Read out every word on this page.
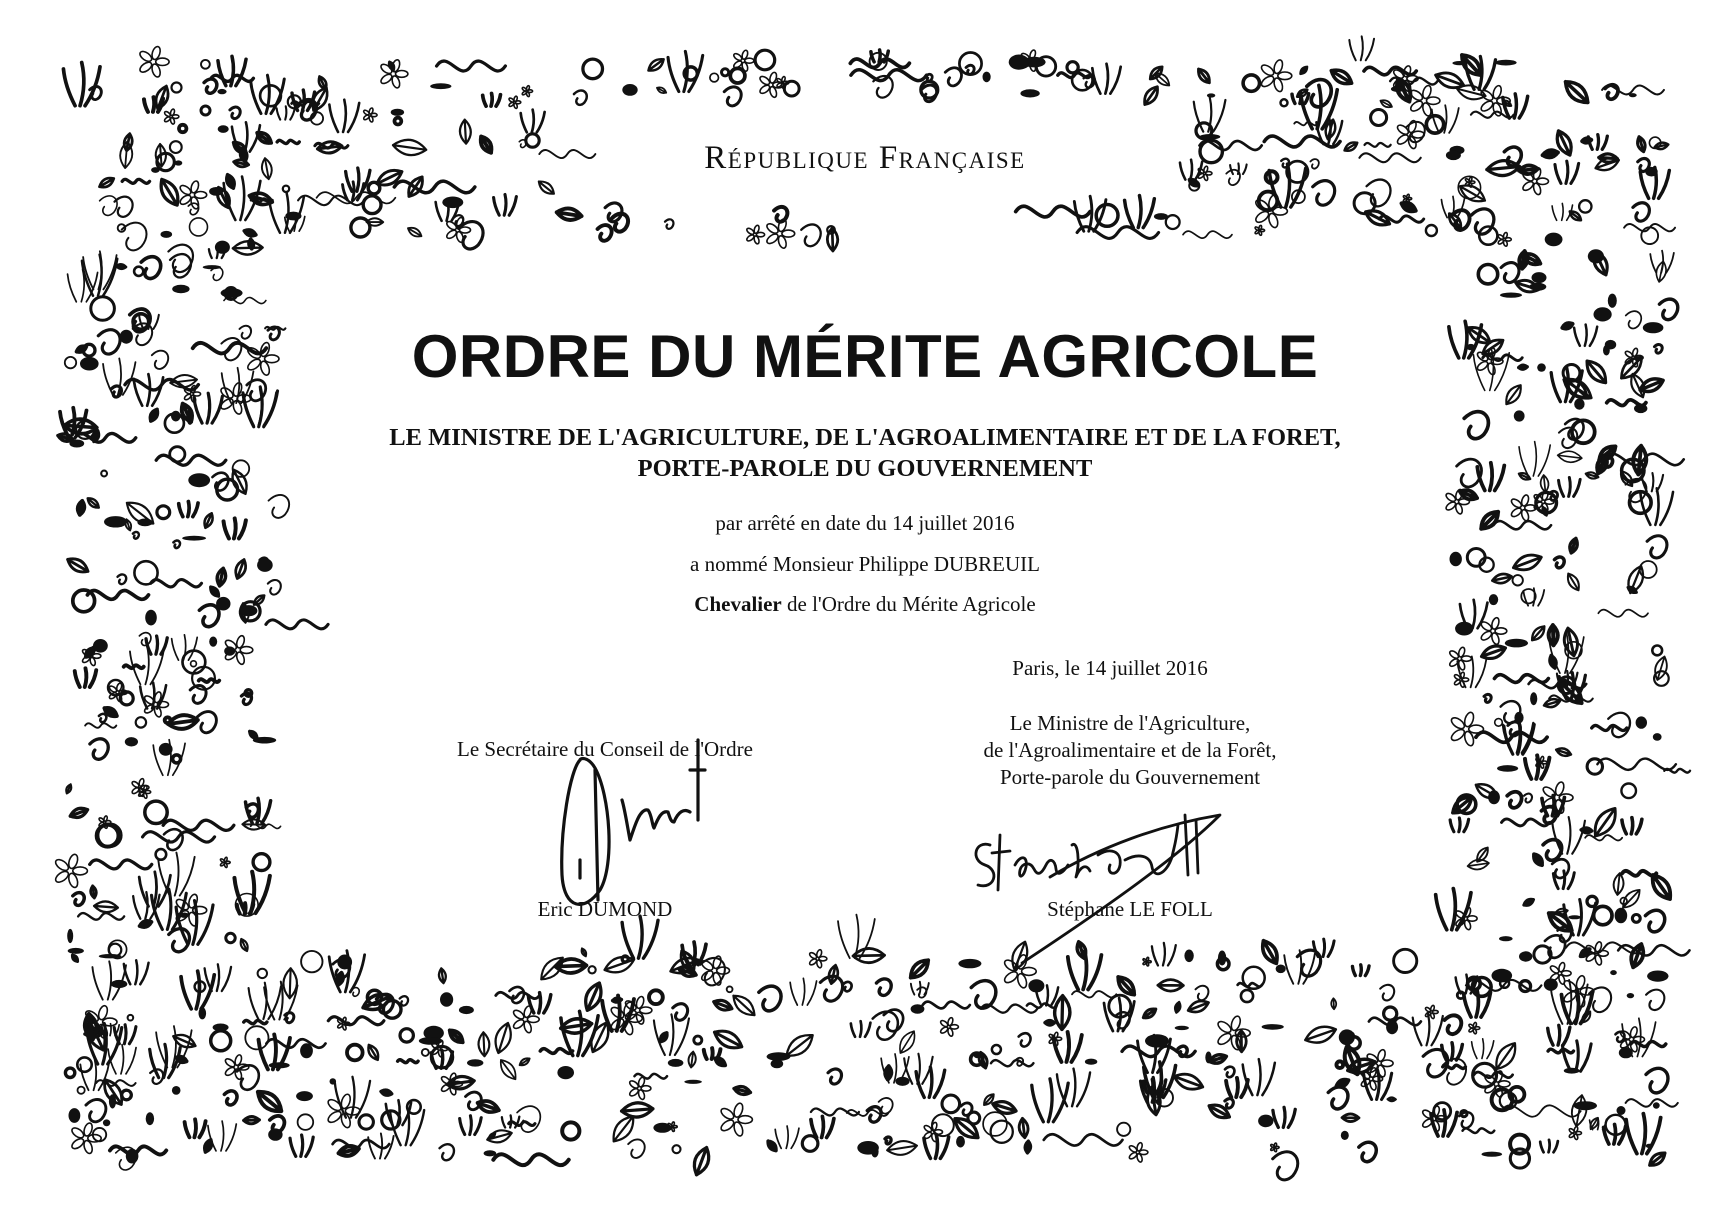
République Française
ORDRE DU MÉRITE AGRICOLE
LE MINISTRE DE L'AGRICULTURE, DE L'AGROALIMENTAIRE ET DE LA FORET,
PORTE-PAROLE DU GOUVERNEMENT
par arrêté en date du 14 juillet 2016
a nommé Monsieur Philippe DUBREUIL
Chevalier de l'Ordre du Mérite Agricole
Paris, le 14 juillet 2016
Le Secrétaire du Conseil de l'Ordre
Eric DUMOND
Le Ministre de l'Agriculture,
de l'Agroalimentaire et de la Forêt,
Porte-parole du Gouvernement
Stéphane LE FOLL
